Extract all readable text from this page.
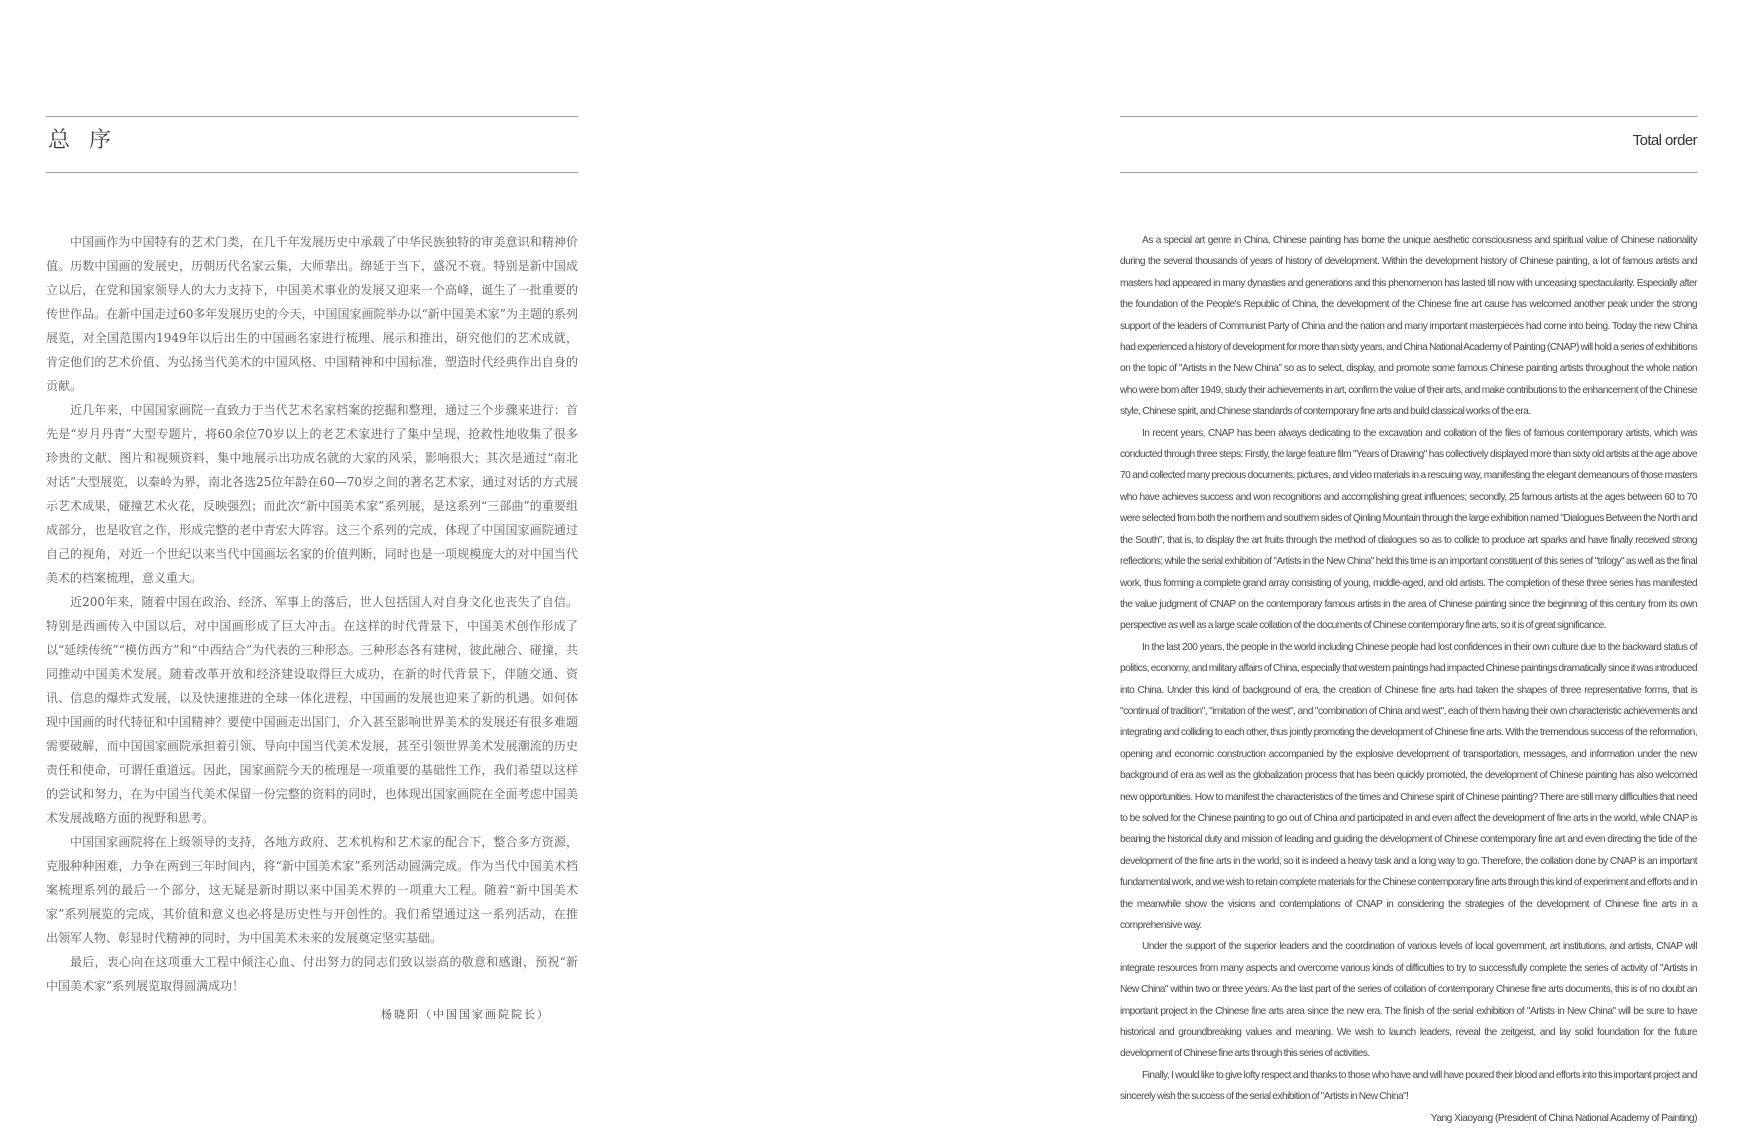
总 序

中国画作为中国特有的艺术门类，在几千年发展历史中承载了中华民族独特的审美意识和精神价值。历数中国画的发展史，历朝历代名家云集，大师辈出。绵延于当下，盛况不衰。特别是新中国成立以后，在党和国家领导人的大力支持下，中国美术事业的发展又迎来一个高峰，诞生了一批重要的传世作品。在新中国走过60多年发展历史的今天，中国国家画院举办以“新中国美术家”为主题的系列展览，对全国范围内1949年以后出生的中国画名家进行梳理、展示和推出，研究他们的艺术成就，肯定他们的艺术价值、为弘扬当代美术的中国风格、中国精神和中国标准，塑造时代经典作出自身的贡献。

近几年来，中国国家画院一直致力于当代艺术名家档案的挖掘和整理，通过三个步骤来进行：首先是“岁月丹青”大型专题片，将60余位70岁以上的老艺术家进行了集中呈现，抢救性地收集了很多珍贵的文献、图片和视频资料，集中地展示出功成名就的大家的风采，影响很大；其次是通过“南北对话”大型展览，以秦岭为界，南北各选25位年龄在60—70岁之间的著名艺术家，通过对话的方式展示艺术成果，碰撞艺术火花，反映强烈；而此次“新中国美术家”系列展，是这系列“三部曲”的重要组成部分，也是收官之作，形成完整的老中青宏大阵容。这三个系列的完成，体现了中国国家画院通过自己的视角，对近一个世纪以来当代中国画坛名家的价值判断，同时也是一项规模庞大的对中国当代美术的档案梳理，意义重大。

近200年来，随着中国在政治、经济、军事上的落后，世人包括国人对自身文化也丧失了自信。特别是西画传入中国以后，对中国画形成了巨大冲击。在这样的时代背景下，中国美术创作形成了以“延续传统”“模仿西方”和“中西结合”为代表的三种形态。三种形态各有建树，彼此融合、碰撞，共同推动中国美术发展。随着改革开放和经济建设取得巨大成功，在新的时代背景下，伴随交通、资讯、信息的爆炸式发展，以及快速推进的全球一体化进程，中国画的发展也迎来了新的机遇。如何体现中国画的时代特征和中国精神？要使中国画走出国门，介入甚至影响世界美术的发展还有很多难题需要破解，而中国国家画院承担着引领、导向中国当代美术发展，甚至引领世界美术发展潮流的历史责任和使命，可谓任重道远。因此，国家画院今天的梳理是一项重要的基础性工作，我们希望以这样的尝试和努力，在为中国当代美术保留一份完整的资料的同时，也体现出国家画院在全面考虑中国美术发展战略方面的视野和思考。

中国国家画院将在上级领导的支持，各地方政府、艺术机构和艺术家的配合下，整合多方资源，克服种种困难，力争在两到三年时间内，将“新中国美术家”系列活动圆满完成。作为当代中国美术档案梳理系列的最后一个部分，这无疑是新时期以来中国美术界的一项重大工程。随着“新中国美术家”系列展览的完成，其价值和意义也必将是历史性与开创性的。我们希望通过这一系列活动，在推出领军人物、彰显时代精神的同时，为中国美术未来的发展奠定坚实基础。

最后，衷心向在这项重大工程中倾注心血、付出努力的同志们致以崇高的敬意和感谢，预祝“新中国美术家”系列展览取得圆满成功！

杨晓阳（中国国家画院院长）
Total order

As a special art genre in China, Chinese painting has borne the unique aesthetic consciousness and spiritual value of Chinese nationality during the several thousands of years of history of development. Within the development history of Chinese painting, a lot of famous artists and masters had appeared in many dynasties and generations and this phenomenon has lasted till now with unceasing spectacularity. Especially after the foundation of the People's Republic of China, the development of the Chinese fine art cause has welcomed another peak under the strong support of the leaders of Communist Party of China and the nation and many important masterpieces had come into being. Today the new China had experienced a history of development for more than sixty years, and China National Academy of Painting (CNAP) will hold a series of exhibitions on the topic of "Artists in the New China" so as to select, display, and promote some famous Chinese painting artists throughout the whole nation who were born after 1949, study their achievements in art, confirm the value of their arts, and make contributions to the enhancement of the Chinese style, Chinese spirit, and Chinese standards of contemporary fine arts and build classical works of the era.

In recent years, CNAP has been always dedicating to the excavation and collation of the files of famous contemporary artists, which was conducted through three steps: Firstly, the large feature film "Years of Drawing" has collectively displayed more than sixty old artists at the age above 70 and collected many precious documents, pictures, and video materials in a rescuing way, manifesting the elegant demeanours of those masters who have achieves success and won recognitions and accomplishing great influences; secondly, 25 famous artists at the ages between 60 to 70 were selected from both the northern and southern sides of Qinling Mountain through the large exhibition named "Dialogues Between the North and the South", that is, to display the art fruits through the method of dialogues so as to collide to produce art sparks and have finally received strong reflections; while the serial exhibition of "Artists in the New China" held this time is an important constituent of this series of "trilogy" as well as the final work, thus forming a complete grand array consisting of young, middle-aged, and old artists. The completion of these three series has manifested the value judgment of CNAP on the contemporary famous artists in the area of Chinese painting since the beginning of this century from its own perspective as well as a large scale collation of the documents of Chinese contemporary fine arts, so it is of great significance.

In the last 200 years, the people in the world including Chinese people had lost confidences in their own culture due to the backward status of politics, economy, and military affairs of China, especially that western paintings had impacted Chinese paintings dramatically since it was introduced into China. Under this kind of background of era, the creation of Chinese fine arts had taken the shapes of three representative forms, that is "continual of tradition", "imitation of the west", and "combination of China and west", each of them having their own characteristic achievements and integrating and colliding to each other, thus jointly promoting the development of Chinese fine arts. With the tremendous success of the reformation, opening and economic construction accompanied by the explosive development of transportation, messages, and information under the new background of era as well as the globalization process that has been quickly promoted, the development of Chinese painting has also welcomed new opportunities. How to manifest the characteristics of the times and Chinese spirit of Chinese painting? There are still many difficulties that need to be solved for the Chinese painting to go out of China and participated in and even affect the development of fine arts in the world, while CNAP is bearing the historical duty and mission of leading and guiding the development of Chinese contemporary fine art and even directing the tide of the development of the fine arts in the world, so it is indeed a heavy task and a long way to go. Therefore, the collation done by CNAP is an important fundamental work, and we wish to retain complete materials for the Chinese contemporary fine arts through this kind of experiment and efforts and in the meanwhile show the visions and contemplations of CNAP in considering the strategies of the development of Chinese fine arts in a comprehensive way.

Under the support of the superior leaders and the coordination of various levels of local government, art institutions, and artists, CNAP will integrate resources from many aspects and overcome various kinds of difficulties to try to successfully complete the series of activity of "Artists in New China" within two or three years. As the last part of the series of collation of contemporary Chinese fine arts documents, this is of no doubt an important project in the Chinese fine arts area since the new era. The finish of the serial exhibition of "Artists in New China" will be sure to have historical and groundbreaking values and meaning. We wish to launch leaders, reveal the zeitgeist, and lay solid foundation for the future development of Chinese fine arts through this series of activities.

Finally, I would like to give lofty respect and thanks to those who have and will have poured their blood and efforts into this important project and sincerely wish the success of the serial exhibition of "Artists in New China"!

Yang Xiaoyang (President of China National Academy of Painting)
